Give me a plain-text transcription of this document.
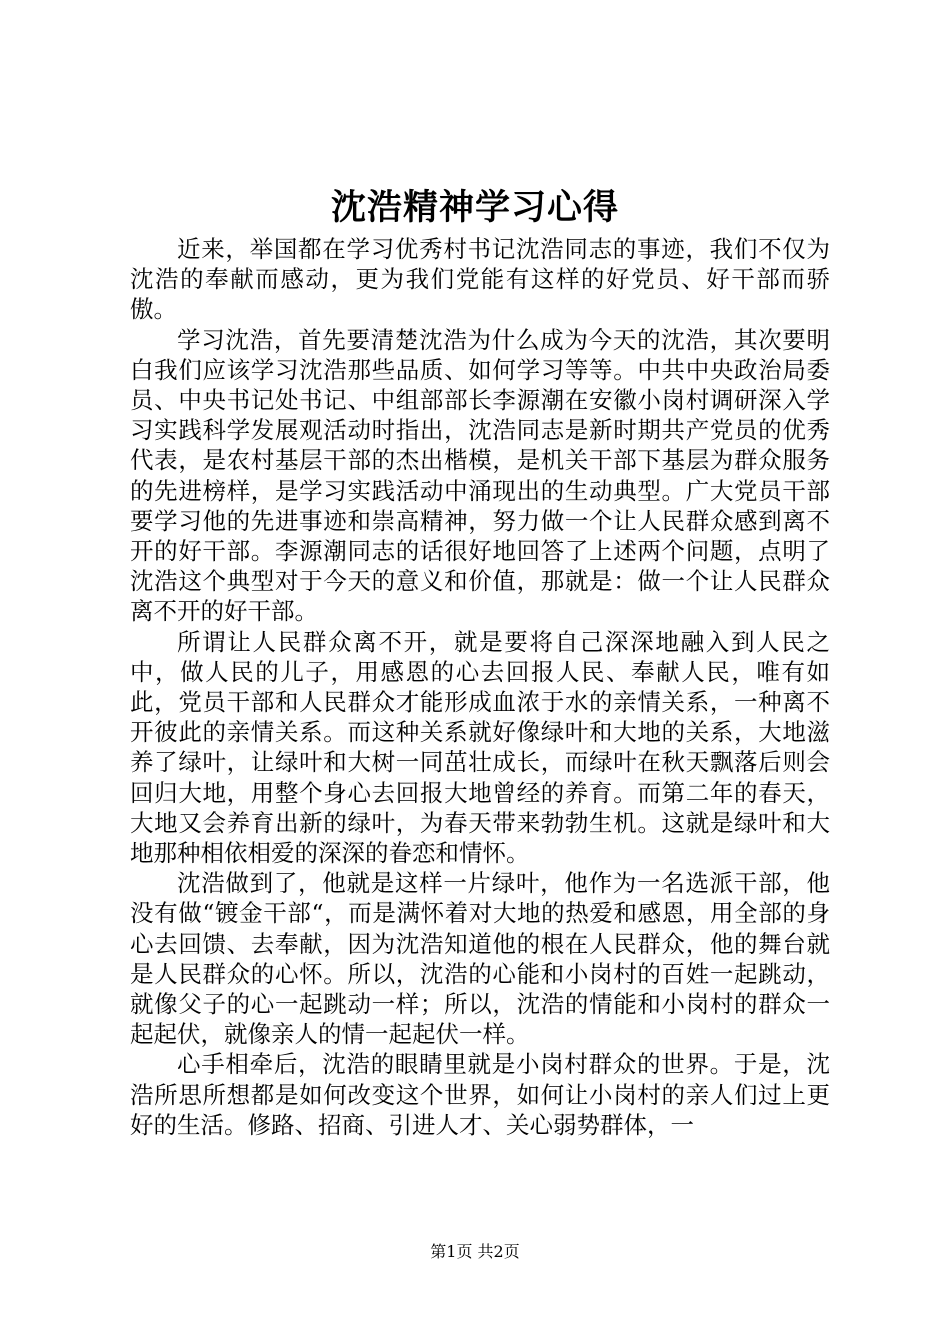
沈浩精神学习心得

近来，举国都在学习优秀村书记沈浩同志的事迹，我们不仅为沈浩的奉献而感动，更为我们党能有这样的好党员、好干部而骄傲。

学习沈浩，首先要清楚沈浩为什么成为今天的沈浩，其次要明白我们应该学习沈浩那些品质、如何学习等等。中共中央政治局委员、中央书记处书记、中组部部长李源潮在安徽小岗村调研深入学习实践科学发展观活动时指出，沈浩同志是新时期共产党员的优秀代表，是农村基层干部的杰出楷模，是机关干部下基层为群众服务的先进榜样，是学习实践活动中涌现出的生动典型。广大党员干部要学习他的先进事迹和崇高精神，努力做一个让人民群众感到离不开的好干部。李源潮同志的话很好地回答了上述两个问题，点明了沈浩这个典型对于今天的意义和价值，那就是：做一个让人民群众离不开的好干部。

所谓让人民群众离不开，就是要将自己深深地融入到人民之中，做人民的儿子，用感恩的心去回报人民、奉献人民，唯有如此，党员干部和人民群众才能形成血浓于水的亲情关系，一种离不开彼此的亲情关系。而这种关系就好像绿叶和大地的关系，大地滋养了绿叶，让绿叶和大树一同茁壮成长，而绿叶在秋天飘落后则会回归大地，用整个身心去回报大地曾经的养育。而第二年的春天，大地又会养育出新的绿叶，为春天带来勃勃生机。这就是绿叶和大地那种相依相爱的深深的眷恋和情怀。

沈浩做到了，他就是这样一片绿叶，他作为一名选派干部，他没有做“镀金干部“，而是满怀着对大地的热爱和感恩，用全部的身心去回馈、去奉献，因为沈浩知道他的根在人民群众，他的舞台就是人民群众的心怀。所以，沈浩的心能和小岗村的百姓一起跳动，就像父子的心一起跳动一样；所以，沈浩的情能和小岗村的群众一起起伏，就像亲人的情一起起伏一样。

心手相牵后，沈浩的眼睛里就是小岗村群众的世界。于是，沈浩所思所想都是如何改变这个世界，如何让小岗村的亲人们过上更好的生活。修路、招商、引进人才、关心弱势群体，一

第1页 共2页
